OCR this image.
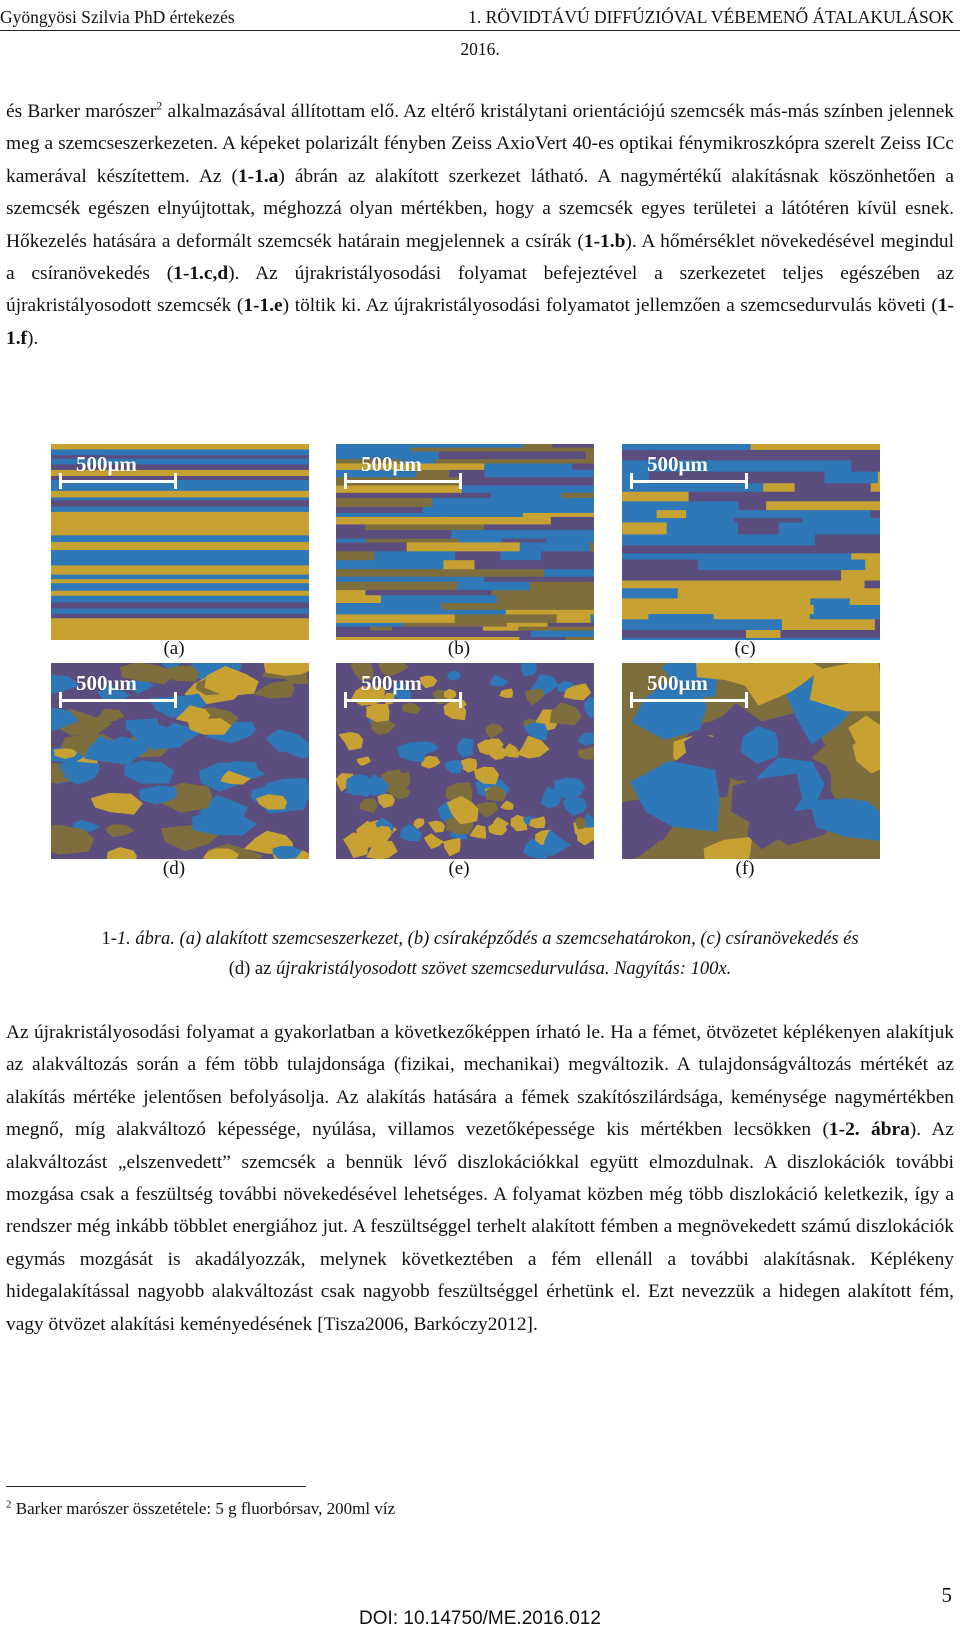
Gyöngyösi Szilvia PhD értekezés	1. RÖVIDTÁVÚ DIFFÚZIÓVAL VÉBEMENŐ ÁTALAKULÁSOK
2016.

és Barker marószer$^2$ alkalmazásával állítottam elő. Az eltérő kristálytani orientációjú szemcsék más-más színben jelennek meg a szemcseszerkezeten. A képeket polarizált fényben Zeiss AxioVert 40-es optikai fénymikroszkópra szerelt Zeiss ICc kamerával készítettem. Az (1-1.a) ábrán az alakított szerkezet látható. A nagymértékű alakításnak köszönhetően a szemcsék egészen elnyújtottak, méghozzá olyan mértékben, hogy a szemcsék egyes területei a látótéren kívül esnek. Hőkezelés hatására a deformált szemcsék határain megjelennek a csírák (1-1.b). A hőmérséklet növekedésével megindul a csíranövekedés (1-1.c,d). Az újrakristályosodási folyamat befejeztével a szerkezetet teljes egészében az újrakristályosodott szemcsék (1-1.e) töltik ki. Az újrakristályosodási folyamatot jellemzően a szemcsedurvulás követi (1-1.f).

500μm	500μm	500μm
500μm	500μm	500μm
(a)	(b)	(c)
(d)	(e)	(f)
1-1. ábra. (a) alakított szemcseszerkezet, (b) csíraképződés a szemcsehatárokon, (c) csíranövekedés és
(d) az újrakristályosodott szövet szemcsedurvulása. Nagyítás: 100x.

Az újrakristályosodási folyamat a gyakorlatban a következőképpen írható le. Ha a fémet, ötvözetet képlékenyen alakítjuk az alakváltozás során a fém több tulajdonsága (fizikai, mechanikai) megváltozik. A tulajdonságváltozás mértékét az alakítás mértéke jelentősen befolyásolja. Az alakítás hatására a fémek szakítószilárdsága, keménysége nagymértékben megnő, míg alakváltozó képessége, nyúlása, villamos vezetőképessége kis mértékben lecsökken (1-2. ábra). Az alakváltozást „elszenvedett” szemcsék a bennük lévő diszlokációkkal együtt elmozdulnak. A diszlokációk további mozgása csak a feszültség további növekedésével lehetséges. A folyamat közben még több diszlokáció keletkezik, így a rendszer még inkább többlet energiához jut. A feszültséggel terhelt alakított fémben a megnövekedett számú diszlokációk egymás mozgását is akadályozzák, melynek következtében a fém ellenáll a további alakításnak. Képlékeny hidegalakítással nagyobb alakváltozást csak nagyobb feszültséggel érhetünk el. Ezt nevezzük a hidegen alakított fém, vagy ötvözet alakítási keményedésének [Tisza2006, Barkóczy2012].

$^2$ Barker marószer összetétele: 5 g fluorbórsav, 200ml víz
5
DOI: 10.14750/ME.2016.012
